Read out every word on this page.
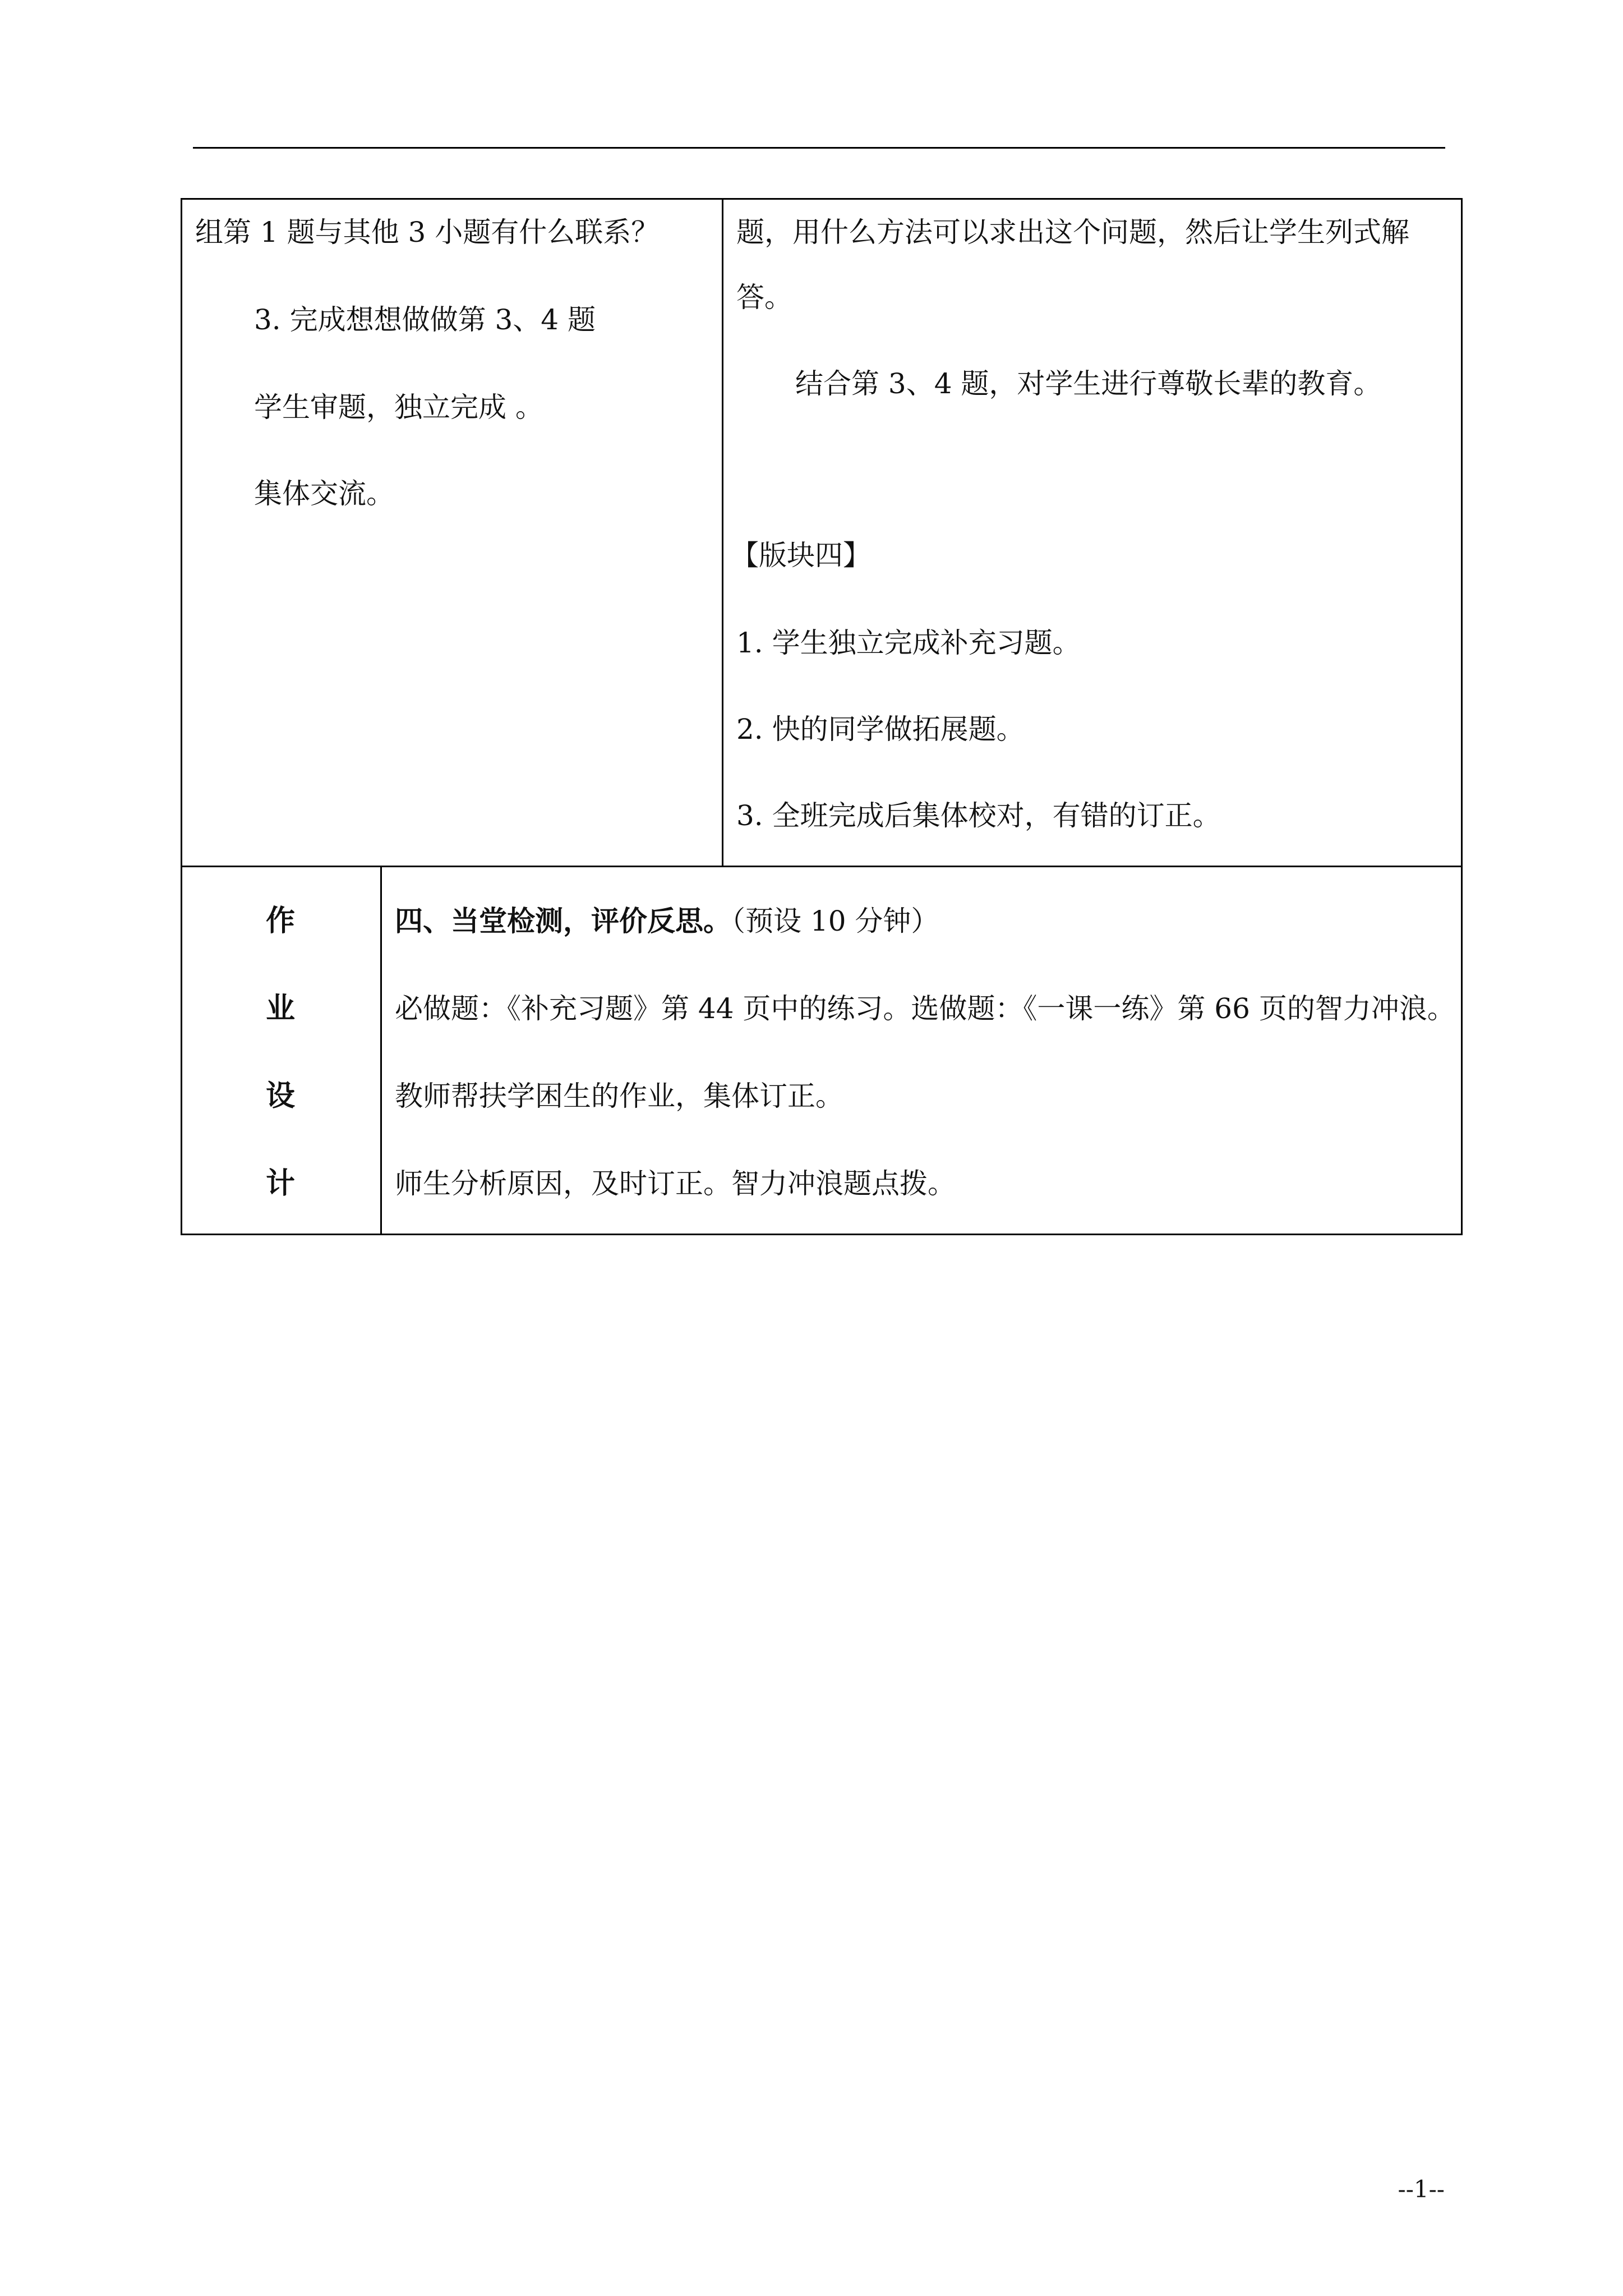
组第 1 题与其他 3 小题有什么联系？
3. 完成想想做做第 3、4 题
学生审题，独立完成 。
集体交流。
题，用什么方法可以求出这个问题，然后让学生列式解
答。
结合第 3、4 题，对学生进行尊敬长辈的教育。
【版块四】
1. 学生独立完成补充习题。
2. 快的同学做拓展题。
3. 全班完成后集体校对，有错的订正。
作
业
设
计
四、当堂检测，评价反思。（预设 10 分钟）
必做题：《补充习题》第 44 页中的练习。选做题：《一课一练》第 66 页的智力冲浪。
教师帮扶学困生的作业，集体订正。
师生分析原因，及时订正。智力冲浪题点拨。
--1--
